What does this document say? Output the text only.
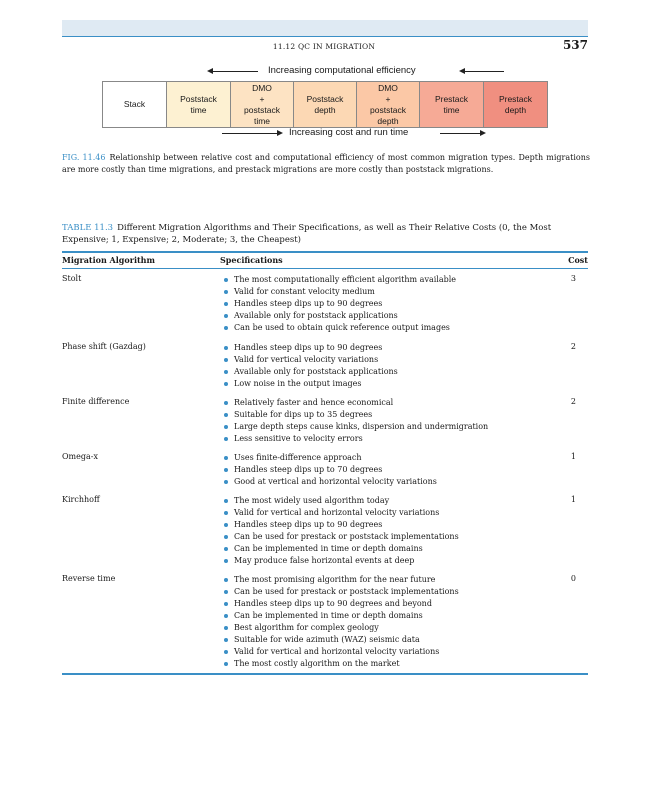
11.12 QC IN MIGRATION	537
Increasing computational efficiency
Stack
Poststack
time
DMO
+
poststack
time
Poststack
depth
DMO
+
poststack
depth
Prestack
time
Prestack
depth
Increasing cost and run time
FIG. 11.46 Relationship between relative cost and computational efficiency of most common migration types. Depth migrations are more costly than time migrations, and prestack migrations are more costly than poststack migrations.
TABLE 11.3 Different Migration Algorithms and Their Specifications, as well as Their Relative Costs (0, the Most Expensive; 1, Expensive; 2, Moderate; 3, the Cheapest)
Migration Algorithm	Specifications	Cost
Stolt	The most computationally efficient algorithm available
Valid for constant velocity medium
Handles steep dips up to 90 degrees
Available only for poststack applications
Can be used to obtain quick reference output images
3
Phase shift (Gazdag)	Handles steep dips up to 90 degrees
Valid for vertical velocity variations
Available only for poststack applications
Low noise in the output images
2
Finite difference	Relatively faster and hence economical
Suitable for dips up to 35 degrees
Large depth steps cause kinks, dispersion and undermigration
Less sensitive to velocity errors
2
Omega-x	Uses finite-difference approach
Handles steep dips up to 70 degrees
Good at vertical and horizontal velocity variations
1
Kirchhoff	The most widely used algorithm today
Valid for vertical and horizontal velocity variations
Handles steep dips up to 90 degrees
Can be used for prestack or poststack implementations
Can be implemented in time or depth domains
May produce false horizontal events at deep
1
Reverse time	The most promising algorithm for the near future
Can be used for prestack or poststack implementations
Handles steep dips up to 90 degrees and beyond
Can be implemented in time or depth domains
Best algorithm for complex geology
Suitable for wide azimuth (WAZ) seismic data
Valid for vertical and horizontal velocity variations
The most costly algorithm on the market
0
